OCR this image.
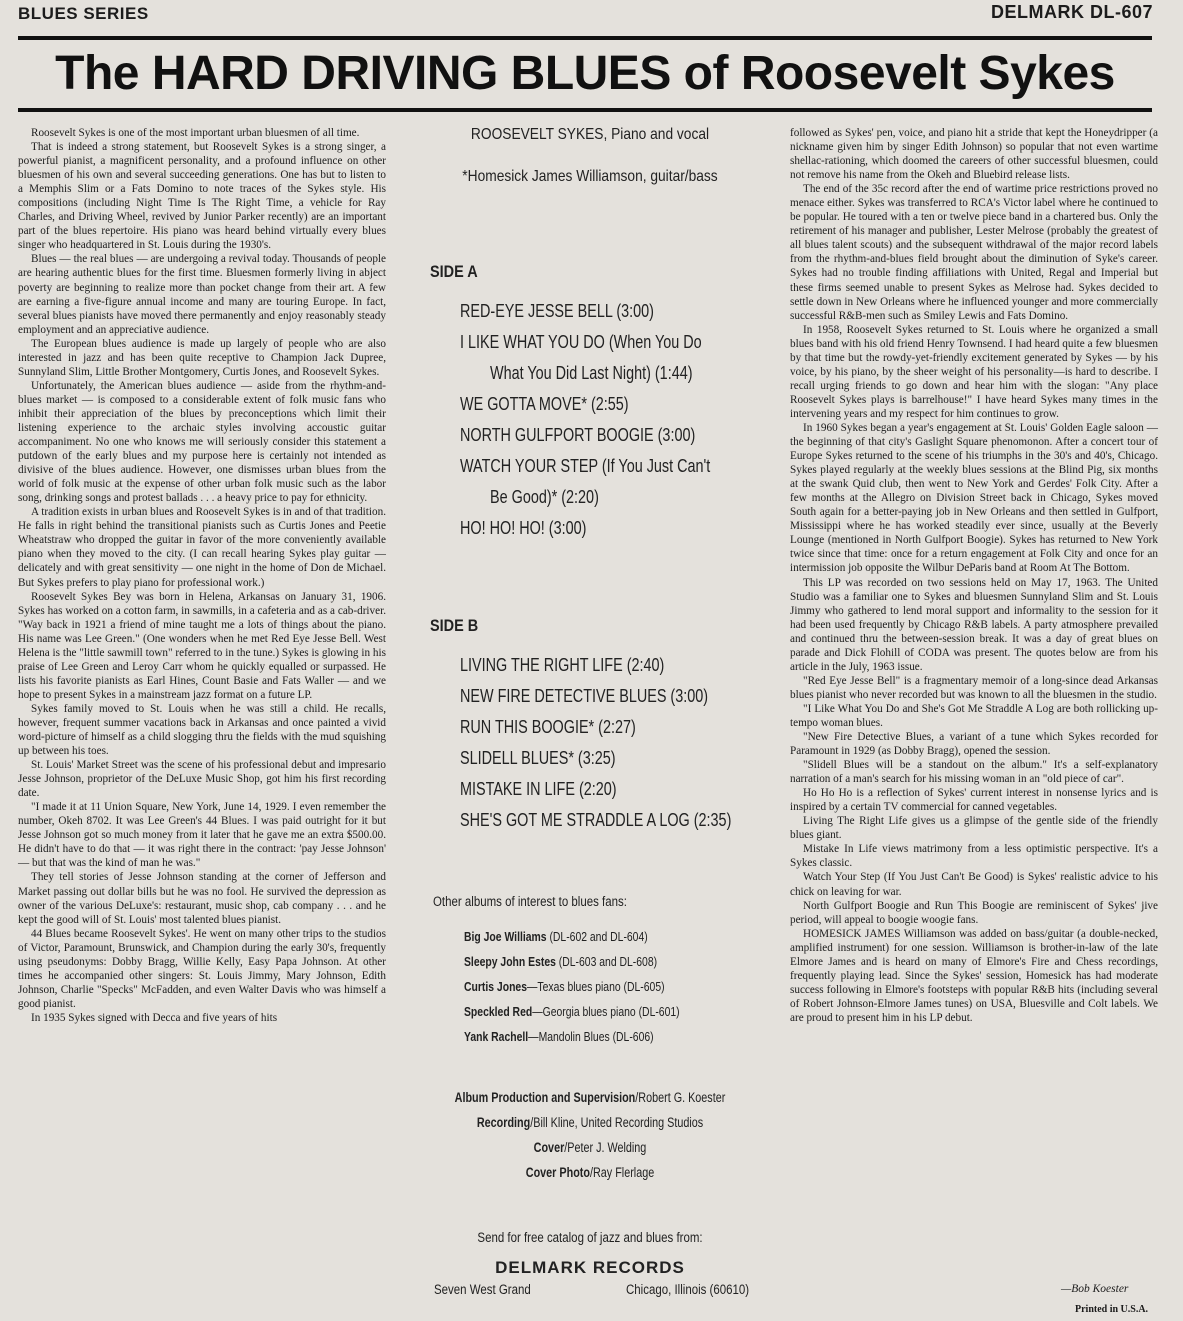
BLUES SERIES	DELMARK DL-607
The HARD DRIVING BLUES of Roosevelt Sykes

Roosevelt Sykes is one of the most important urban bluesmen of all time.

That is indeed a strong statement, but Roosevelt Sykes is a strong singer, a powerful pianist, a magnificent personality, and a profound influence on other bluesmen of his own and several succeeding generations. One has but to listen to a Memphis Slim or a Fats Domino to note traces of the Sykes style. His compositions (including Night Time Is The Right Time, a vehicle for Ray Charles, and Driving Wheel, revived by Junior Parker recently) are an important part of the blues repertoire. His piano was heard behind virtually every blues singer who headquartered in St. Louis during the 1930's.

Blues — the real blues — are undergoing a revival today. Thousands of people are hearing authentic blues for the first time. Bluesmen formerly living in abject poverty are beginning to realize more than pocket change from their art. A few are earning a five-figure annual income and many are touring Europe. In fact, several blues pianists have moved there permanently and enjoy reasonably steady employment and an appreciative audience.

The European blues audience is made up largely of people who are also interested in jazz and has been quite receptive to Champion Jack Dupree, Sunnyland Slim, Little Brother Montgomery, Curtis Jones, and Roosevelt Sykes.

Unfortunately, the American blues audience — aside from the rhythm-and-blues market — is composed to a considerable extent of folk music fans who inhibit their appreciation of the blues by preconceptions which limit their listening experience to the archaic styles involving accoustic guitar accompaniment. No one who knows me will seriously consider this statement a putdown of the early blues and my purpose here is certainly not intended as divisive of the blues audience. However, one dismisses urban blues from the world of folk music at the expense of other urban folk music such as the labor song, drinking songs and protest ballads . . . a heavy price to pay for ethnicity.

A tradition exists in urban blues and Roosevelt Sykes is in and of that tradition. He falls in right behind the transitional pianists such as Curtis Jones and Peetie Wheatstraw who dropped the guitar in favor of the more conveniently available piano when they moved to the city. (I can recall hearing Sykes play guitar — delicately and with great sensitivity — one night in the home of Don de Michael. But Sykes prefers to play piano for professional work.)

Roosevelt Sykes Bey was born in Helena, Arkansas on January 31, 1906. Sykes has worked on a cotton farm, in sawmills, in a cafeteria and as a cab-driver. "Way back in 1921 a friend of mine taught me a lots of things about the piano. His name was Lee Green." (One wonders when he met Red Eye Jesse Bell. West Helena is the "little sawmill town" referred to in the tune.) Sykes is glowing in his praise of Lee Green and Leroy Carr whom he quickly equalled or surpassed. He lists his favorite pianists as Earl Hines, Count Basie and Fats Waller — and we hope to present Sykes in a mainstream jazz format on a future LP.

Sykes family moved to St. Louis when he was still a child. He recalls, however, frequent summer vacations back in Arkansas and once painted a vivid word-picture of himself as a child slogging thru the fields with the mud squishing up between his toes.

St. Louis' Market Street was the scene of his professional debut and impresario Jesse Johnson, proprietor of the DeLuxe Music Shop, got him his first recording date.

"I made it at 11 Union Square, New York, June 14, 1929. I even remember the number, Okeh 8702. It was Lee Green's 44 Blues. I was paid outright for it but Jesse Johnson got so much money from it later that he gave me an extra $500.00. He didn't have to do that — it was right there in the contract: 'pay Jesse Johnson' — but that was the kind of man he was."

They tell stories of Jesse Johnson standing at the corner of Jefferson and Market passing out dollar bills but he was no fool. He survived the depression as owner of the various DeLuxe's: restaurant, music shop, cab company . . . and he kept the good will of St. Louis' most talented blues pianist.

44 Blues became Roosevelt Sykes'. He went on many other trips to the studios of Victor, Paramount, Brunswick, and Champion during the early 30's, frequently using pseudonyms: Dobby Bragg, Willie Kelly, Easy Papa Johnson. At other times he accompanied other singers: St. Louis Jimmy, Mary Johnson, Edith Johnson, Charlie "Specks" McFadden, and even Walter Davis who was himself a good pianist.

In 1935 Sykes signed with Decca and five years of hits

ROOSEVELT SYKES, Piano and vocal
*Homesick James Williamson, guitar/bass
SIDE A
RED-EYE JESSE BELL (3:00)
I LIKE WHAT YOU DO (When You Do
What You Did Last Night) (1:44)
WE GOTTA MOVE* (2:55)
NORTH GULFPORT BOOGIE (3:00)
WATCH YOUR STEP (If You Just Can't
Be Good)* (2:20)
HO! HO! HO! (3:00)
SIDE B
LIVING THE RIGHT LIFE (2:40)
NEW FIRE DETECTIVE BLUES (3:00)
RUN THIS BOOGIE* (2:27)
SLIDELL BLUES* (3:25)
MISTAKE IN LIFE (2:20)
SHE'S GOT ME STRADDLE A LOG (2:35)
Other albums of interest to blues fans:
Big Joe Williams (DL-602 and DL-604)
Sleepy John Estes (DL-603 and DL-608)
Curtis Jones—Texas blues piano (DL-605)
Speckled Red—Georgia blues piano (DL-601)
Yank Rachell—Mandolin Blues (DL-606)
Album Production and Supervision/Robert G. Koester
Recording/Bill Kline, United Recording Studios
Cover/Peter J. Welding
Cover Photo/Ray Flerlage
Send for free catalog of jazz and blues from:
DELMARK RECORDS
Seven West Grand	Chicago, Illinois (60610)

followed as Sykes' pen, voice, and piano hit a stride that kept the Honeydripper (a nickname given him by singer Edith Johnson) so popular that not even wartime shellac-rationing, which doomed the careers of other successful bluesmen, could not remove his name from the Okeh and Bluebird release lists.

The end of the 35c record after the end of wartime price restrictions proved no menace either. Sykes was transferred to RCA's Victor label where he continued to be popular. He toured with a ten or twelve piece band in a chartered bus. Only the retirement of his manager and publisher, Lester Melrose (probably the greatest of all blues talent scouts) and the subsequent withdrawal of the major record labels from the rhythm-and-blues field brought about the diminution of Syke's career. Sykes had no trouble finding affiliations with United, Regal and Imperial but these firms seemed unable to present Sykes as Melrose had. Sykes decided to settle down in New Orleans where he influenced younger and more commercially successful R&B-men such as Smiley Lewis and Fats Domino.

In 1958, Roosevelt Sykes returned to St. Louis where he organized a small blues band with his old friend Henry Townsend. I had heard quite a few bluesmen by that time but the rowdy-yet-friendly excitement generated by Sykes — by his voice, by his piano, by the sheer weight of his personality—is hard to describe. I recall urging friends to go down and hear him with the slogan: "Any place Roosevelt Sykes plays is barrelhouse!" I have heard Sykes many times in the intervening years and my respect for him continues to grow.

In 1960 Sykes began a year's engagement at St. Louis' Golden Eagle saloon — the beginning of that city's Gaslight Square phenomonon. After a concert tour of Europe Sykes returned to the scene of his triumphs in the 30's and 40's, Chicago. Sykes played regularly at the weekly blues sessions at the Blind Pig, six months at the swank Quid club, then went to New York and Gerdes' Folk City. After a few months at the Allegro on Division Street back in Chicago, Sykes moved South again for a better-paying job in New Orleans and then settled in Gulfport, Mississippi where he has worked steadily ever since, usually at the Beverly Lounge (mentioned in North Gulfport Boogie). Sykes has returned to New York twice since that time: once for a return engagement at Folk City and once for an intermission job opposite the Wilbur DeParis band at Room At The Bottom.

This LP was recorded on two sessions held on May 17, 1963. The United Studio was a familiar one to Sykes and bluesmen Sunnyland Slim and St. Louis Jimmy who gathered to lend moral support and informality to the session for it had been used frequently by Chicago R&B labels. A party atmosphere prevailed and continued thru the between-session break. It was a day of great blues on parade and Dick Flohill of CODA was present. The quotes below are from his article in the July, 1963 issue.

"Red Eye Jesse Bell" is a fragmentary memoir of a long-since dead Arkansas blues pianist who never recorded but was known to all the bluesmen in the studio.

"I Like What You Do and She's Got Me Straddle A Log are both rollicking up-tempo woman blues.

"New Fire Detective Blues, a variant of a tune which Sykes recorded for Paramount in 1929 (as Dobby Bragg), opened the session.

"Slidell Blues will be a standout on the album." It's a self-explanatory narration of a man's search for his missing woman in an "old piece of car".

Ho Ho Ho is a reflection of Sykes' current interest in nonsense lyrics and is inspired by a certain TV commercial for canned vegetables.

Living The Right Life gives us a glimpse of the gentle side of the friendly blues giant.

Mistake In Life views matrimony from a less optimistic perspective. It's a Sykes classic.

Watch Your Step (If You Just Can't Be Good) is Sykes' realistic advice to his chick on leaving for war.

North Gulfport Boogie and Run This Boogie are reminiscent of Sykes' jive period, will appeal to boogie woogie fans.

HOMESICK JAMES Williamson was added on bass/guitar (a double-necked, amplified instrument) for one session. Williamson is brother-in-law of the late Elmore James and is heard on many of Elmore's Fire and Chess recordings, frequently playing lead. Since the Sykes' session, Homesick has had moderate success following in Elmore's footsteps with popular R&B hits (including several of Robert Johnson-Elmore James tunes) on USA, Bluesville and Colt labels. We are proud to present him in his LP debut.

—Bob Koester
Printed in U.S.A.
